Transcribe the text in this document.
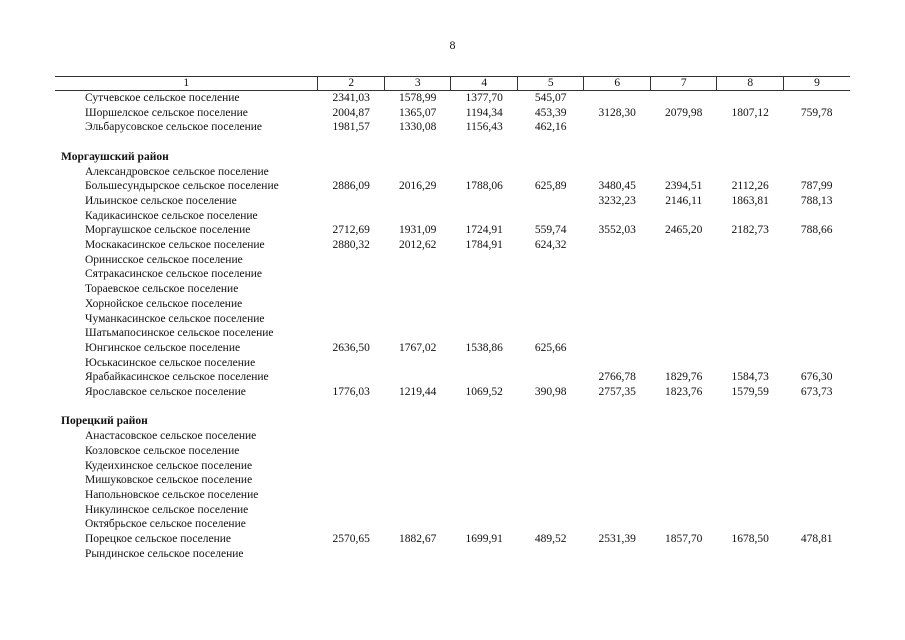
8
1	2	3	4	5	6	7	8	9
Сутчевское сельское поселение	2341,03	1578,99	1377,70	545,07				
Шоршелское сельское поселение	2004,87	1365,07	1194,34	453,39	3128,30	2079,98	1807,12	759,78
Эльбарусовское сельское поселение	1981,57	1330,08	1156,43	462,16				

Моргаушский район								
Александровское сельское поселение								
Большесундырское сельское поселение	2886,09	2016,29	1788,06	625,89	3480,45	2394,51	2112,26	787,99
Ильинское сельское поселение					3232,23	2146,11	1863,81	788,13
Кадикасинское сельское поселение								
Моргаушское сельское поселение	2712,69	1931,09	1724,91	559,74	3552,03	2465,20	2182,73	788,66
Москакасинское сельское поселение	2880,32	2012,62	1784,91	624,32				
Оринисское сельское поселение								
Сятракасинское сельское поселение								
Тораевское сельское поселение								
Хорнойское сельское поселение								
Чуманкасинское сельское поселение								
Шатьмапосинское сельское поселение								
Юнгинское сельское поселение	2636,50	1767,02	1538,86	625,66				
Юськасинское сельское поселение								
Ярабайкасинское сельское поселение					2766,78	1829,76	1584,73	676,30
Ярославское сельское поселение	1776,03	1219,44	1069,52	390,98	2757,35	1823,76	1579,59	673,73

Порецкий район								
Анастасовское сельское поселение								
Козловское сельское поселение								
Кудеихинское сельское поселение								
Мишуковское сельское поселение								
Напольновское сельское поселение								
Никулинское сельское поселение								
Октябрьское сельское поселение								
Порецкое сельское поселение	2570,65	1882,67	1699,91	489,52	2531,39	1857,70	1678,50	478,81
Рындинское сельское поселение								
